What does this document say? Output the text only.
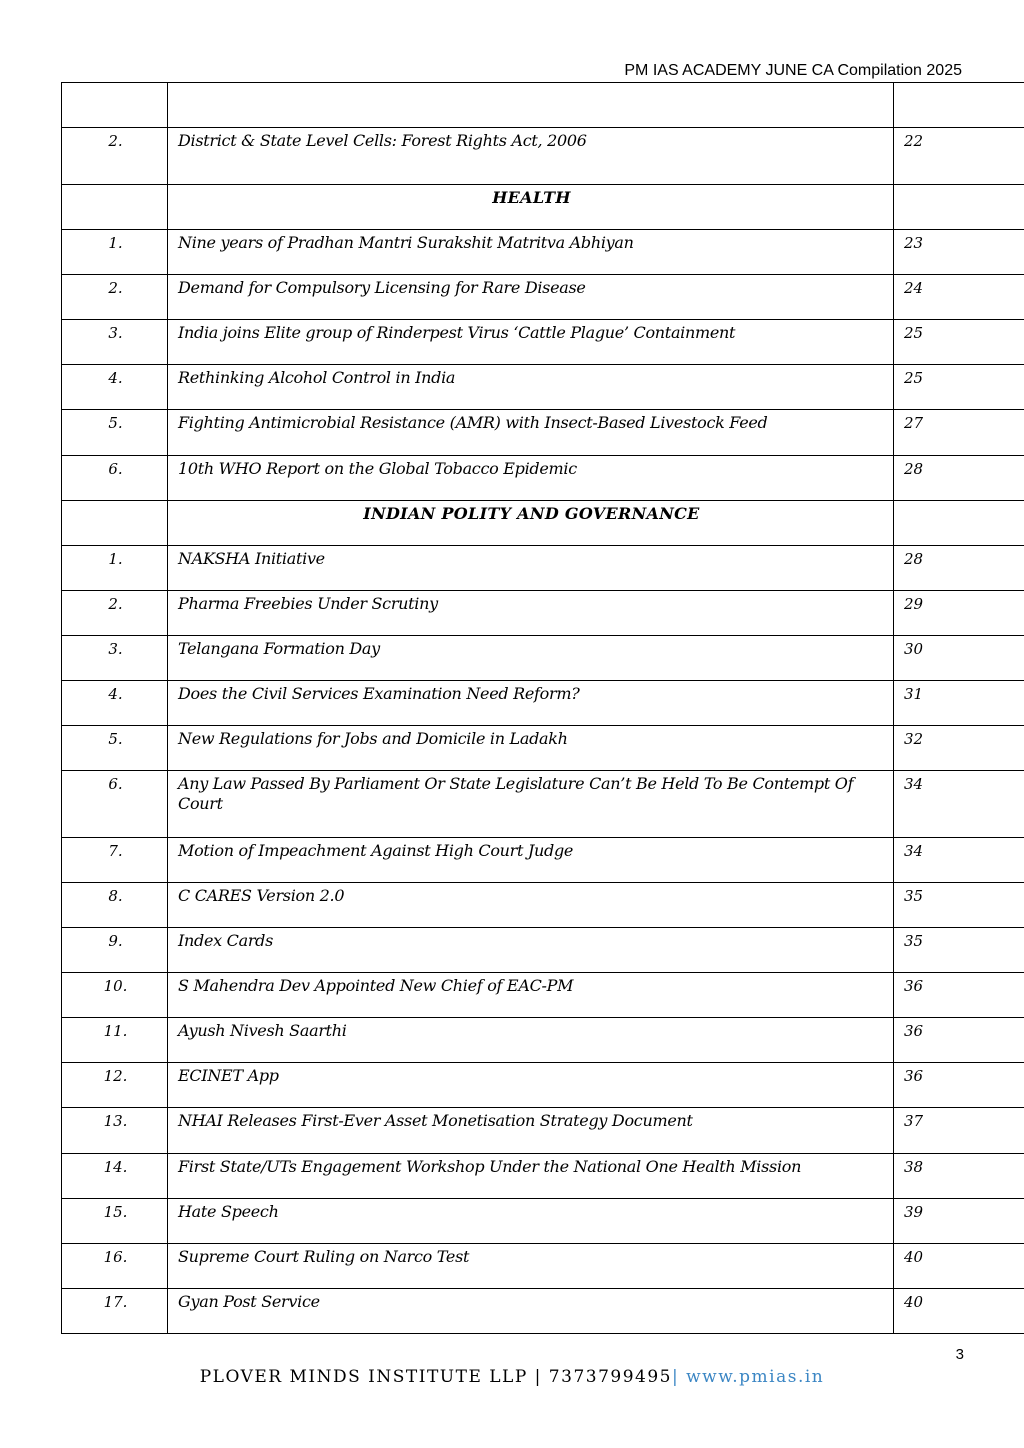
PM IAS ACADEMY JUNE CA Compilation 2025

2.	District & State Level Cells: Forest Rights Act, 2006	22
	HEALTH	
1.	Nine years of Pradhan Mantri Surakshit Matritva Abhiyan	23
2.	Demand for Compulsory Licensing for Rare Disease	24
3.	India joins Elite group of Rinderpest Virus ‘Cattle Plague’ Containment	25
4.	Rethinking Alcohol Control in India	25
5.	Fighting Antimicrobial Resistance (AMR) with Insect-Based Livestock Feed	27
6.	10th WHO Report on the Global Tobacco Epidemic	28
	INDIAN POLITY AND GOVERNANCE	
1.	NAKSHA Initiative	28
2.	Pharma Freebies Under Scrutiny	29
3.	Telangana Formation Day	30
4.	Does the Civil Services Examination Need Reform?	31
5.	New Regulations for Jobs and Domicile in Ladakh	32
6.	Any Law Passed By Parliament Or State Legislature Can’t Be Held To Be Contempt Of Court	34
7.	Motion of Impeachment Against High Court Judge	34
8.	C CARES Version 2.0	35
9.	Index Cards	35
10.	S Mahendra Dev Appointed New Chief of EAC-PM	36
11.	Ayush Nivesh Saarthi	36
12.	ECINET App	36
13.	NHAI Releases First-Ever Asset Monetisation Strategy Document	37
14.	First State/UTs Engagement Workshop Under the National One Health Mission	38
15.	Hate Speech	39
16.	Supreme Court Ruling on Narco Test	40
17.	Gyan Post Service	40
3
PLOVER MINDS INSTITUTE LLP | 7373799495| www.pmias.in
